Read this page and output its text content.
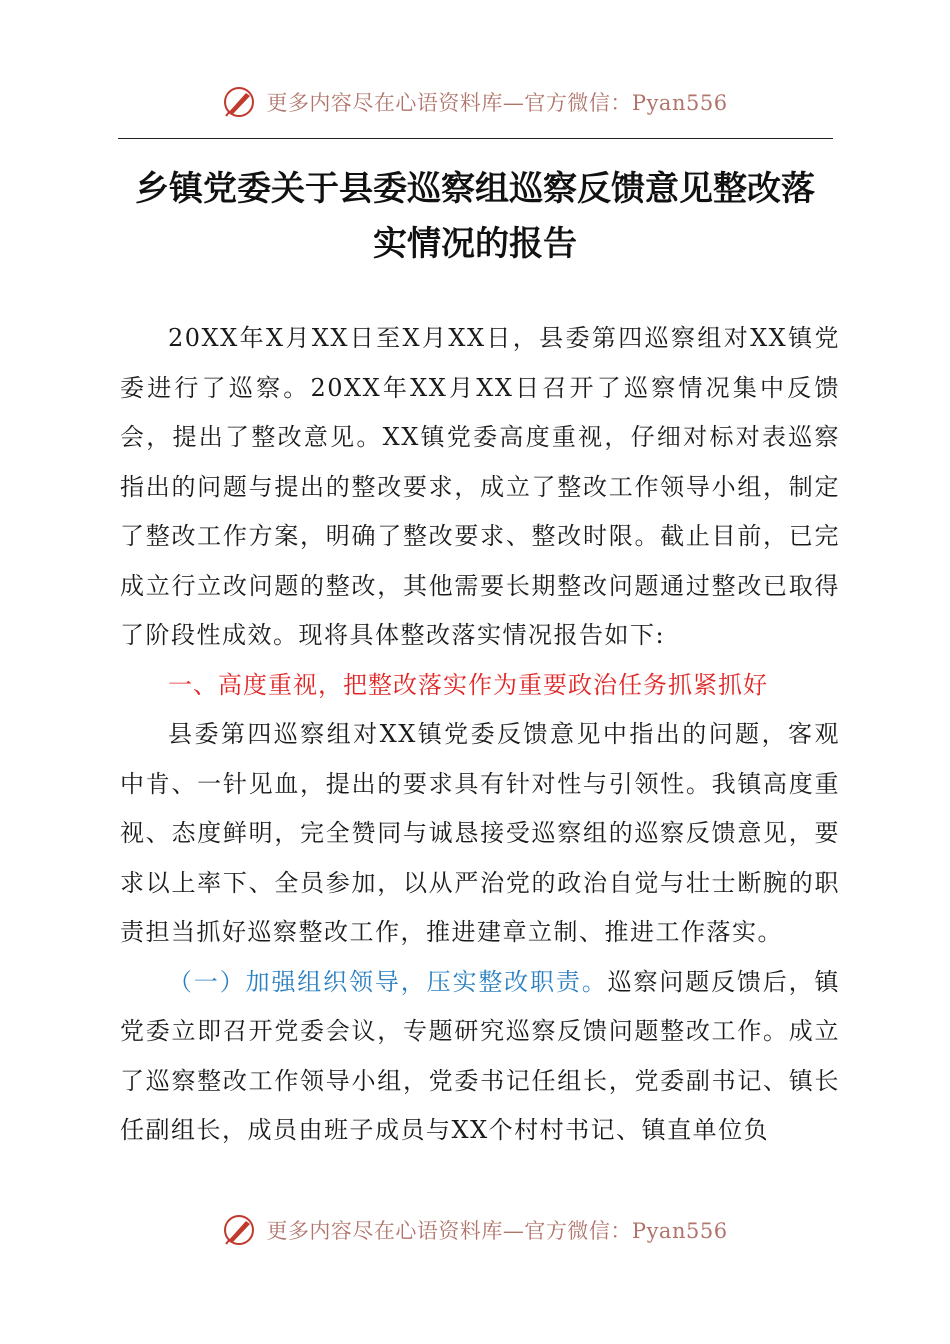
更多内容尽在心语资料库—官方微信：Pyan556
乡镇党委关于县委巡察组巡察反馈意见整改落
实情况的报告

20XX年X月XX日至X月XX日，县委第四巡察组对XX镇党委进行了巡察。20XX年XX月XX日召开了巡察情况集中反馈会，提出了整改意见。XX镇党委高度重视，仔细对标对表巡察指出的问题与提出的整改要求，成立了整改工作领导小组，制定了整改工作方案，明确了整改要求、整改时限。截止目前，已完成立行立改问题的整改，其他需要长期整改问题通过整改已取得了阶段性成效。现将具体整改落实情况报告如下:

一、高度重视，把整改落实作为重要政治任务抓紧抓好

县委第四巡察组对XX镇党委反馈意见中指出的问题，客观中肯、一针见血，提出的要求具有针对性与引领性。我镇高度重视、态度鲜明，完全赞同与诚恳接受巡察组的巡察反馈意见，要求以上率下、全员参加，以从严治党的政治自觉与壮士断腕的职责担当抓好巡察整改工作，推进建章立制、推进工作落实。

（一）加强组织领导，压实整改职责。巡察问题反馈后，镇党委立即召开党委会议，专题研究巡察反馈问题整改工作。成立了巡察整改工作领导小组，党委书记任组长，党委副书记、镇长任副组长，成员由班子成员与XX个村村书记、镇直单位负

更多内容尽在心语资料库—官方微信：Pyan556
